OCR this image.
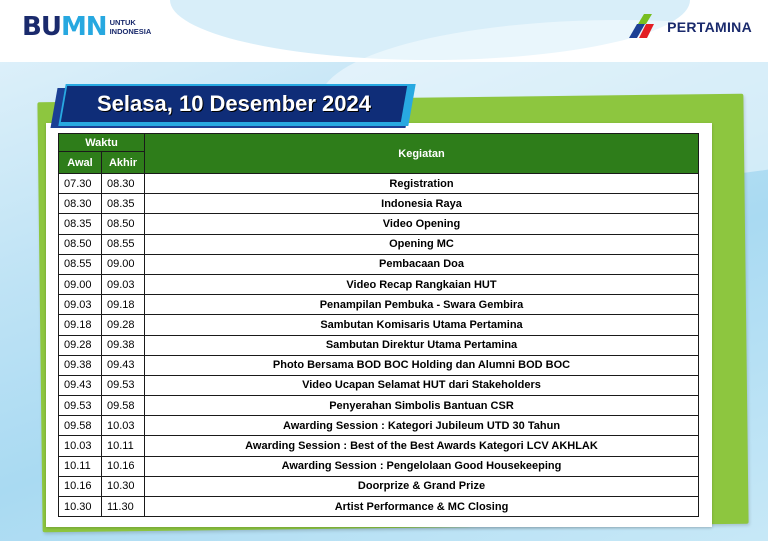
BUMN UNTUK
INDONESIA	PERTAMINA
Selasa, 10 Desember 2024
Waktu		Kegiatan
Awal	Akhir	
07.30	08.30	Registration
08.30	08.35	Indonesia Raya
08.35	08.50	Video Opening
08.50	08.55	Opening MC
08.55	09.00	Pembacaan Doa
09.00	09.03	Video Recap Rangkaian HUT
09.03	09.18	Penampilan Pembuka - Swara Gembira
09.18	09.28	Sambutan Komisaris Utama Pertamina
09.28	09.38	Sambutan Direktur Utama Pertamina
09.38	09.43	Photo Bersama BOD BOC Holding dan Alumni BOD BOC
09.43	09.53	Video Ucapan Selamat HUT dari Stakeholders
09.53	09.58	Penyerahan Simbolis Bantuan CSR
09.58	10.03	Awarding Session : Kategori Jubileum UTD 30 Tahun
10.03	10.11	Awarding Session : Best of the Best Awards Kategori LCV AKHLAK
10.11	10.16	Awarding Session : Pengelolaan Good Housekeeping
10.16	10.30	Doorprize & Grand Prize
10.30	11.30	Artist Performance & MC Closing
